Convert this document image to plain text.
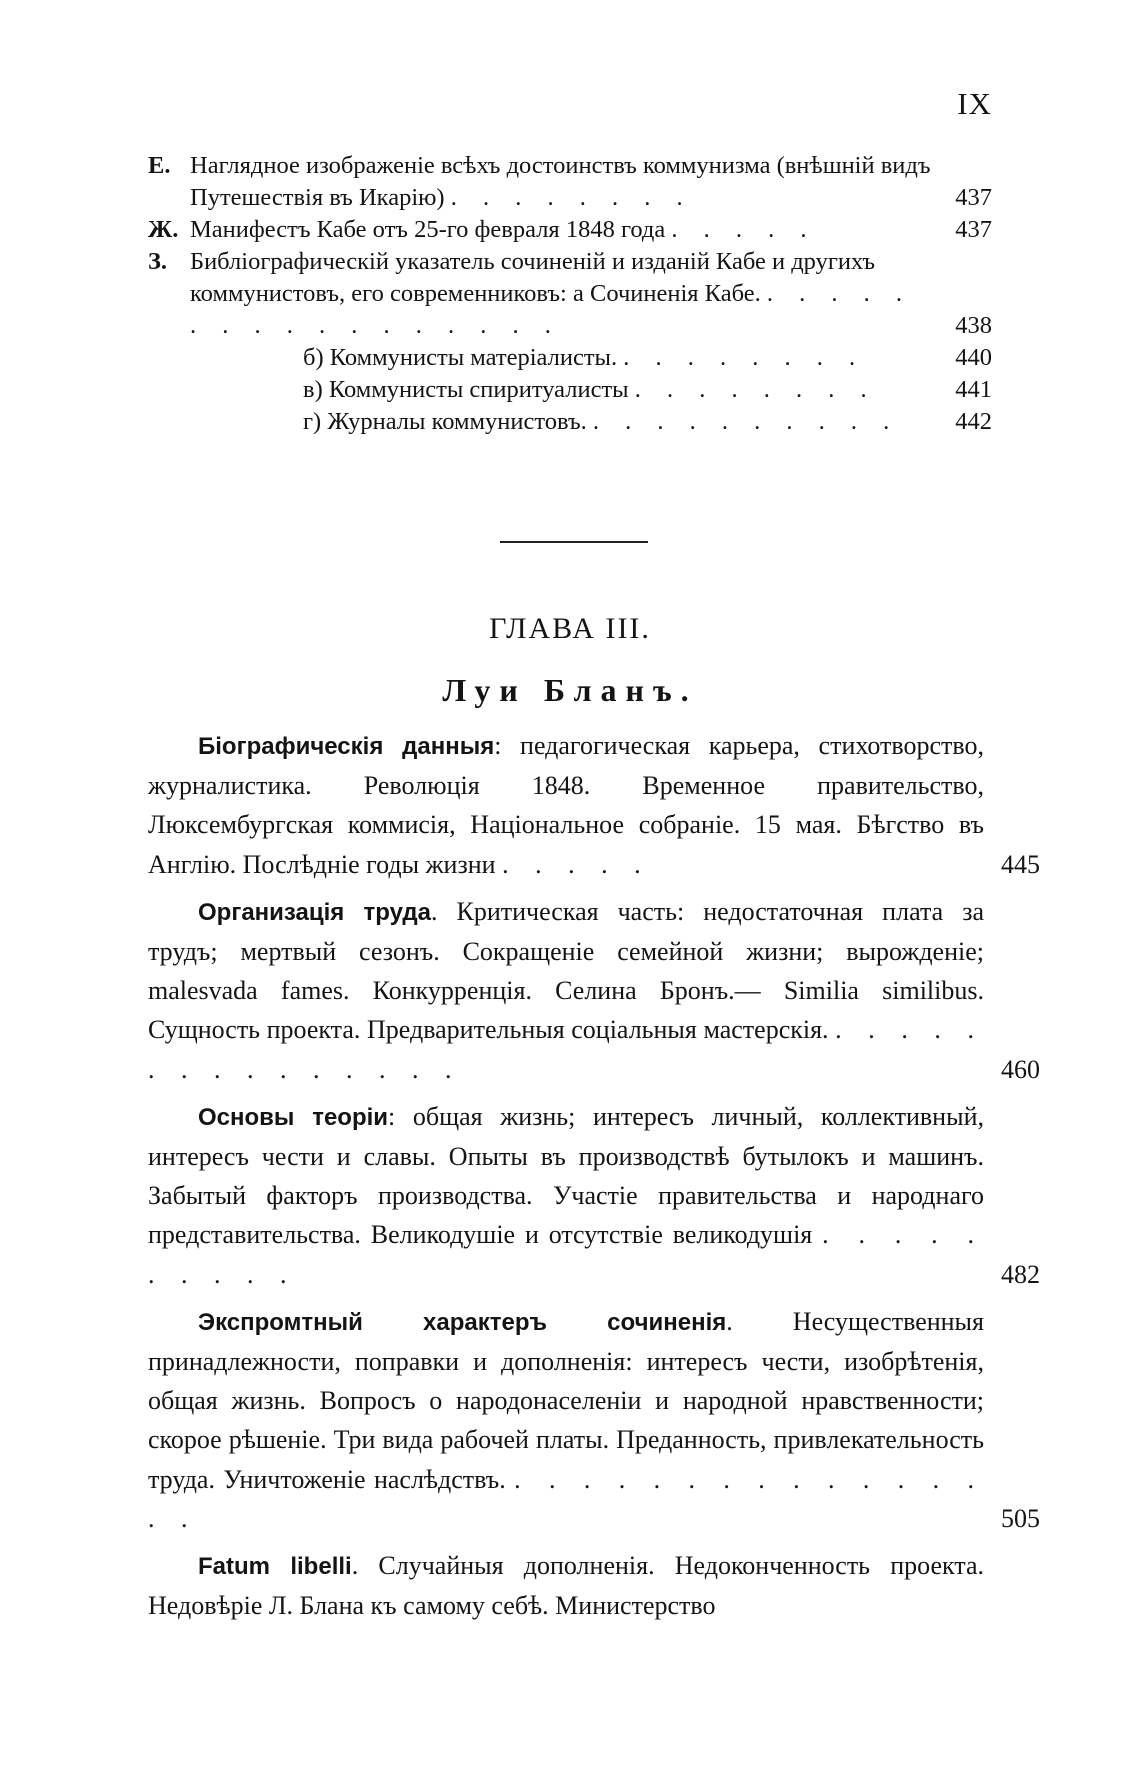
IX
Е. Наглядное изображеніе всѣхъ достоинствъ коммунизма (внѣшній видъ Путешествія въ Икарію) . . . . . . . .	437
Ж. Манифестъ Кабе отъ 25-го февраля 1848 года . . . . .	437
З. Библіографическій указатель сочиненій и изданій Кабе и другихъ коммунистовъ, его современниковъ: а Сочиненія Кабе. . . . . . . . . . . . . . . . . .	438
б) Коммунисты матеріалисты. . . . . . . . .	440
в) Коммунисты спиритуалисты . . . . . . . .	441
г) Журналы коммунистовъ. . . . . . . . . . . 442
ГЛАВА III.
Луи Бланъ.
Біографическія данныя: педагогическая карьера, стихотворство, журналистика. Революція 1848. Временное правительство, Люксембургская коммисія, Національное собраніе. 15 мая. Бѣгство въ Англію. Послѣдніе годы жизни . . . . .	445
Организація труда. Критическая часть: недостаточная плата за трудъ; мертвый сезонъ. Сокращеніе семейной жизни; вырожденіе; malesvada fames. Конкурренція. Селина Бронъ.— Similia similibus. Сущность проекта. Предварительныя соціальныя мастерскія. . . . . . . . . . . . . . . .	460
Основы теоріи: общая жизнь; интересъ личный, коллективный, интересъ чести и славы. Опыты въ производствѣ бутылокъ и машинъ. Забытый факторъ производства. Участіе правительства и народнаго представительства. Великодушіе и отсутствіе великодушія . . . . . . . . . .	482
Экспромтный характеръ сочиненія. Несущественныя принадлежности, поправки и дополненія: интересъ чести, изобрѣтенія, общая жизнь. Вопросъ о народонаселеніи и народной нравственности; скорое рѣшеніе. Три вида рабочей платы. Преданность, привлекательность труда. Уничтоженіе наслѣдствъ. . . . . . . . . . . . . . . . .	505
Fatum libelli. Случайныя дополненія. Недоконченность проекта. Недовѣріе Л. Блана къ самому себѣ. Министерство
